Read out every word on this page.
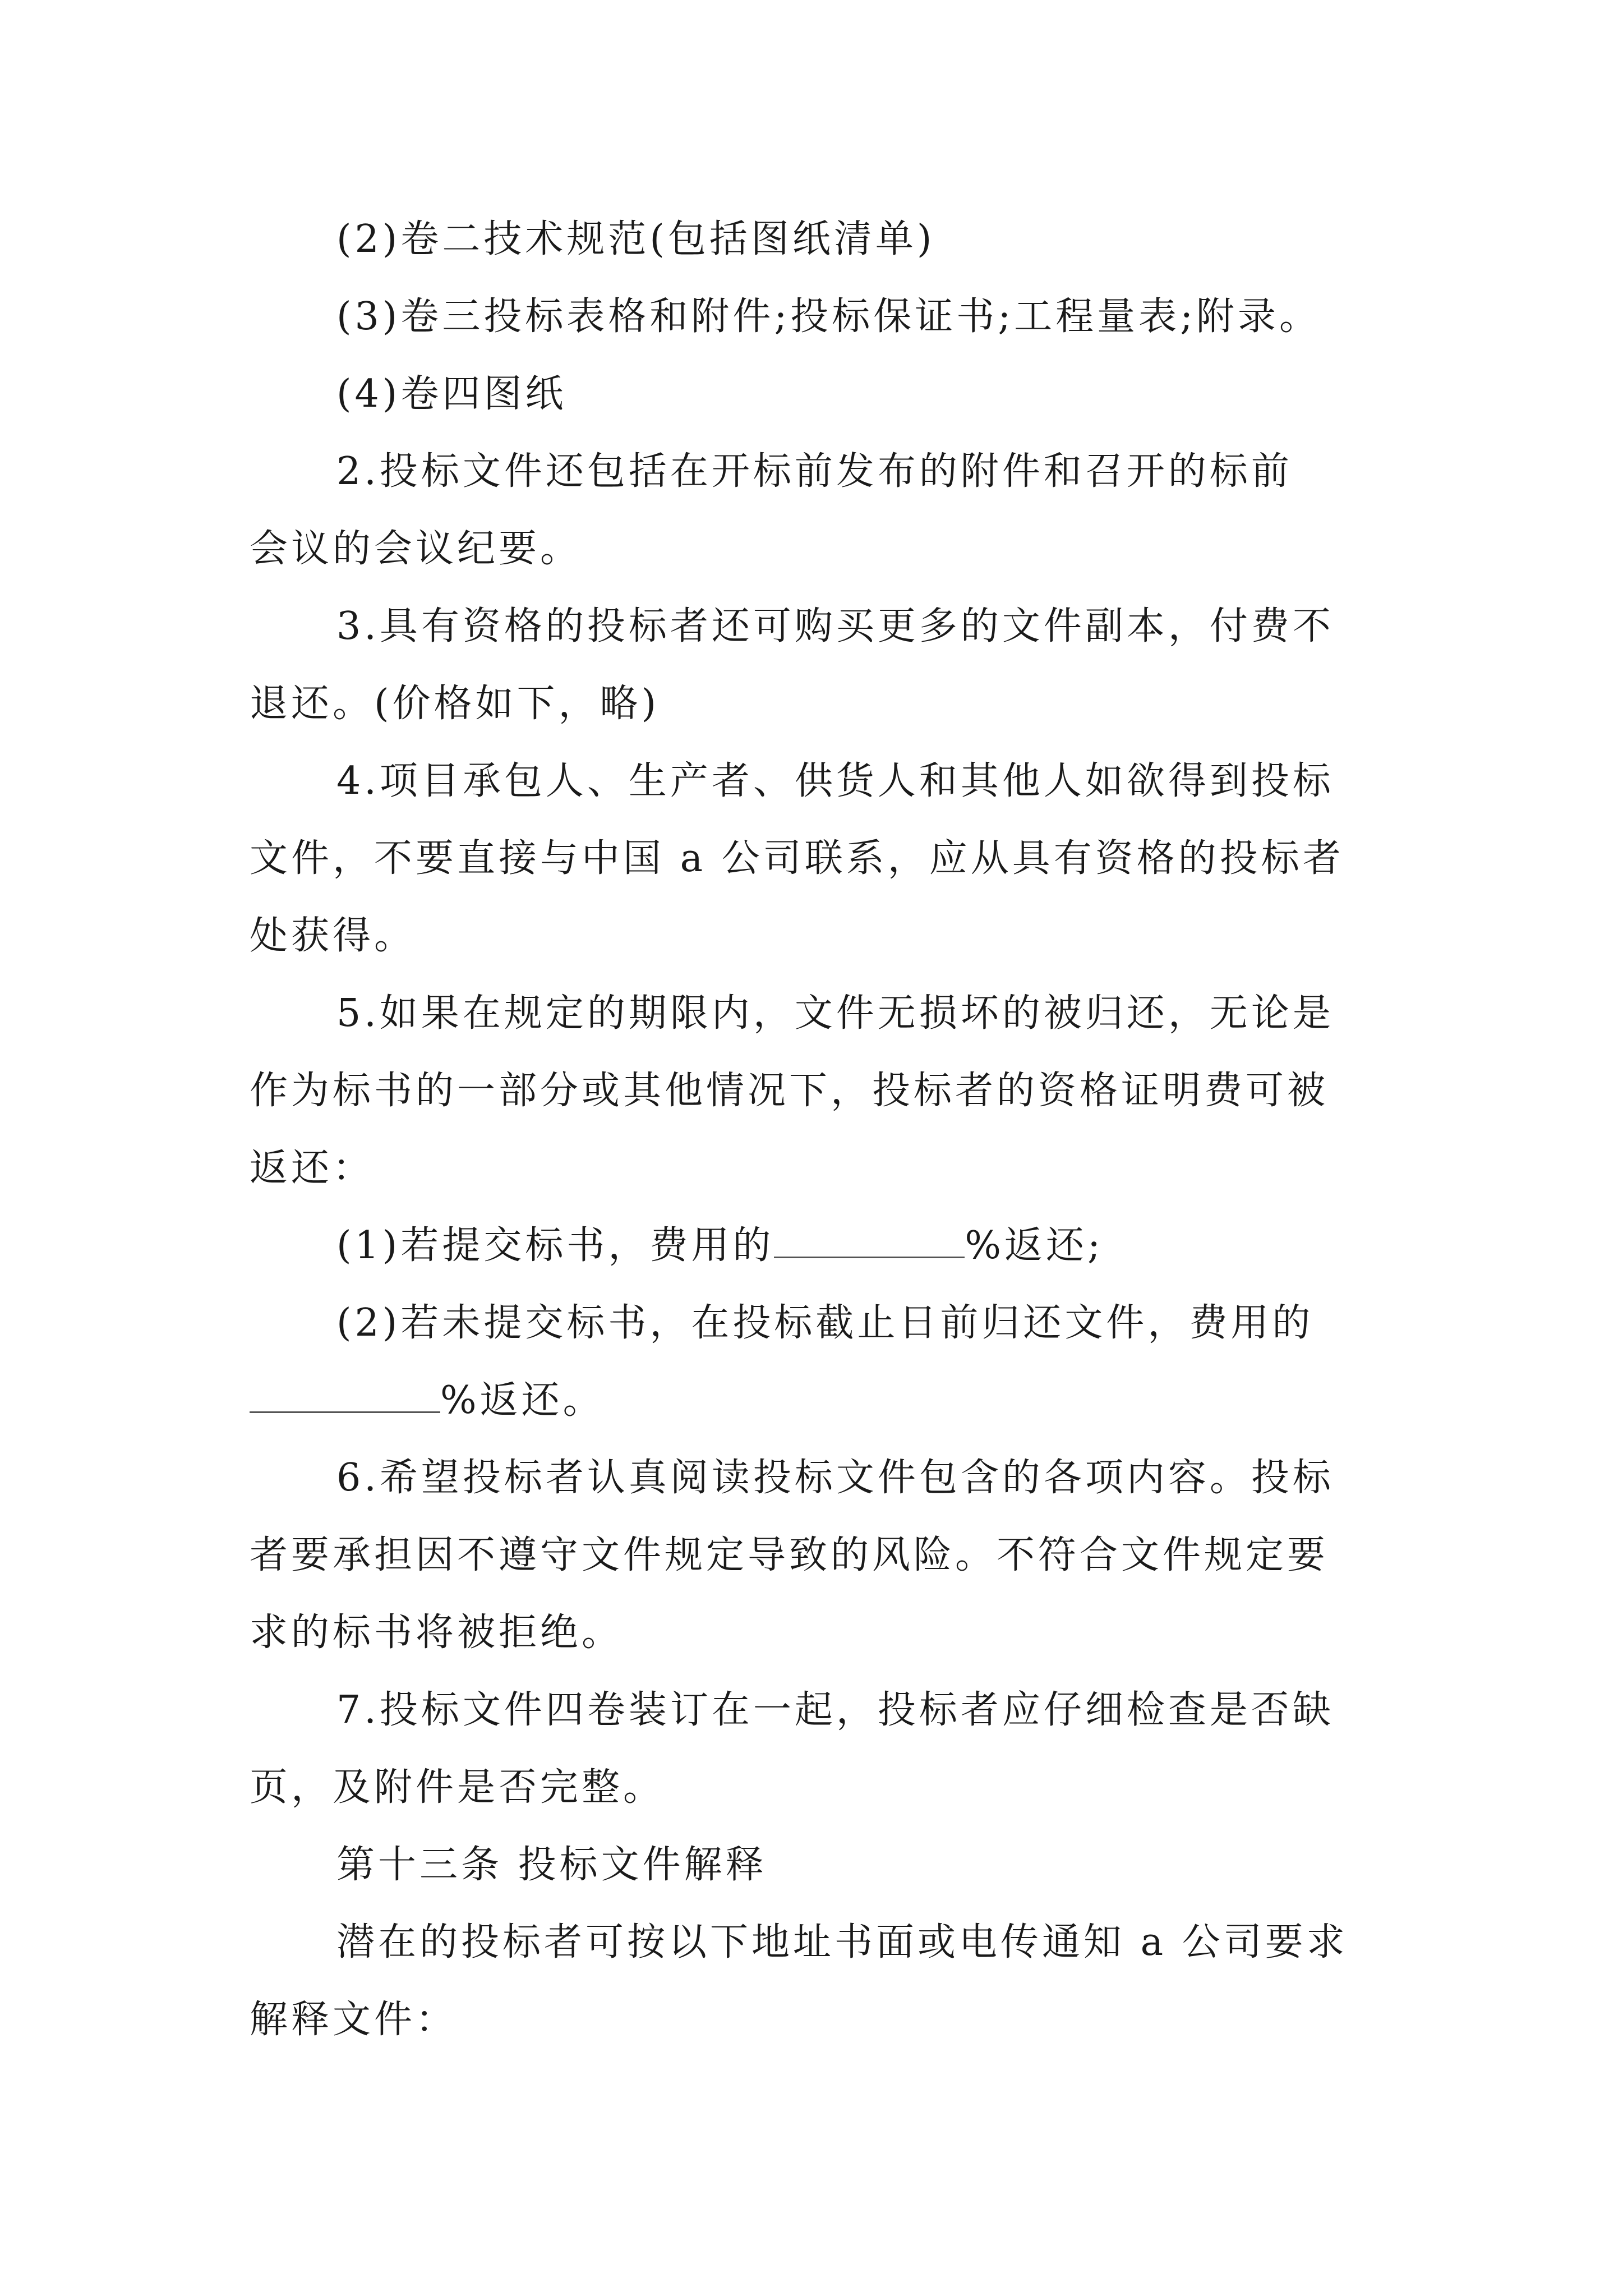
(2)卷二技术规范(包括图纸清单)
(3)卷三投标表格和附件;投标保证书;工程量表;附录。
(4)卷四图纸
2.投标文件还包括在开标前发布的附件和召开的标前
会议的会议纪要。
3.具有资格的投标者还可购买更多的文件副本，付费不
退还。(价格如下，略)
4.项目承包人、生产者、供货人和其他人如欲得到投标
文件，不要直接与中国 a 公司联系，应从具有资格的投标者
处获得。
5.如果在规定的期限内，文件无损坏的被归还，无论是
作为标书的一部分或其他情况下，投标者的资格证明费可被
返还：
(1)若提交标书，费用的	%返还;
(2)若未提交标书，在投标截止日前归还文件，费用的
%返还。
6.希望投标者认真阅读投标文件包含的各项内容。投标
者要承担因不遵守文件规定导致的风险。不符合文件规定要
求的标书将被拒绝。
7.投标文件四卷装订在一起，投标者应仔细检查是否缺
页，及附件是否完整。
第十三条 投标文件解释
潜在的投标者可按以下地址书面或电传通知 a 公司要求
解释文件：
